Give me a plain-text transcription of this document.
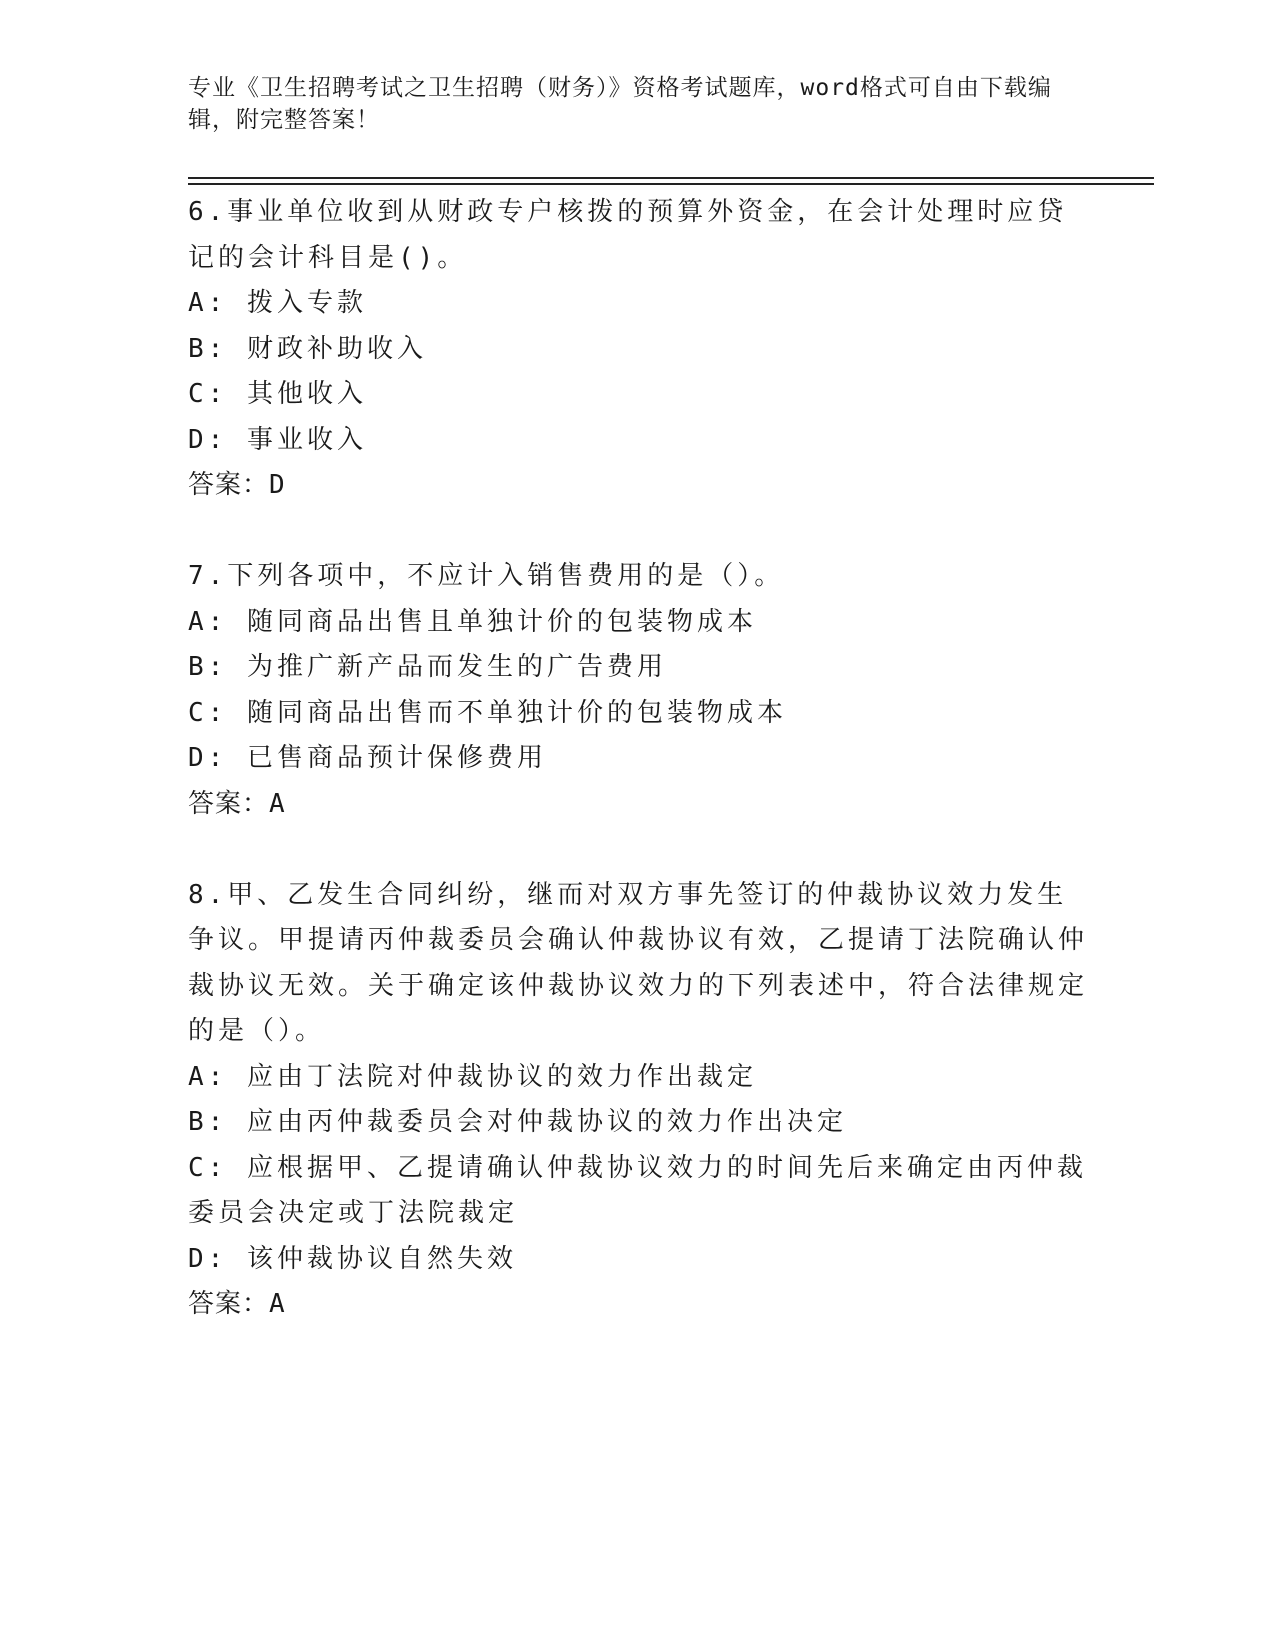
专业《卫生招聘考试之卫生招聘（财务）》资格考试题库，word格式可自由下载编辑，附完整答案！

6.事业单位收到从财政专户核拨的预算外资金，在会计处理时应贷记的会计科目是()。

A: 拨入专款

B: 财政补助收入

C: 其他收入

D: 事业收入

答案：D

7.下列各项中，不应计入销售费用的是（）。

A: 随同商品出售且单独计价的包装物成本

B: 为推广新产品而发生的广告费用

C: 随同商品出售而不单独计价的包装物成本

D: 已售商品预计保修费用

答案：A

8.甲、乙发生合同纠纷，继而对双方事先签订的仲裁协议效力发生争议。甲提请丙仲裁委员会确认仲裁协议有效，乙提请丁法院确认仲裁协议无效。关于确定该仲裁协议效力的下列表述中，符合法律规定的是（）。

A: 应由丁法院对仲裁协议的效力作出裁定

B: 应由丙仲裁委员会对仲裁协议的效力作出决定

C: 应根据甲、乙提请确认仲裁协议效力的时间先后来确定由丙仲裁委员会决定或丁法院裁定

D: 该仲裁协议自然失效

答案：A
